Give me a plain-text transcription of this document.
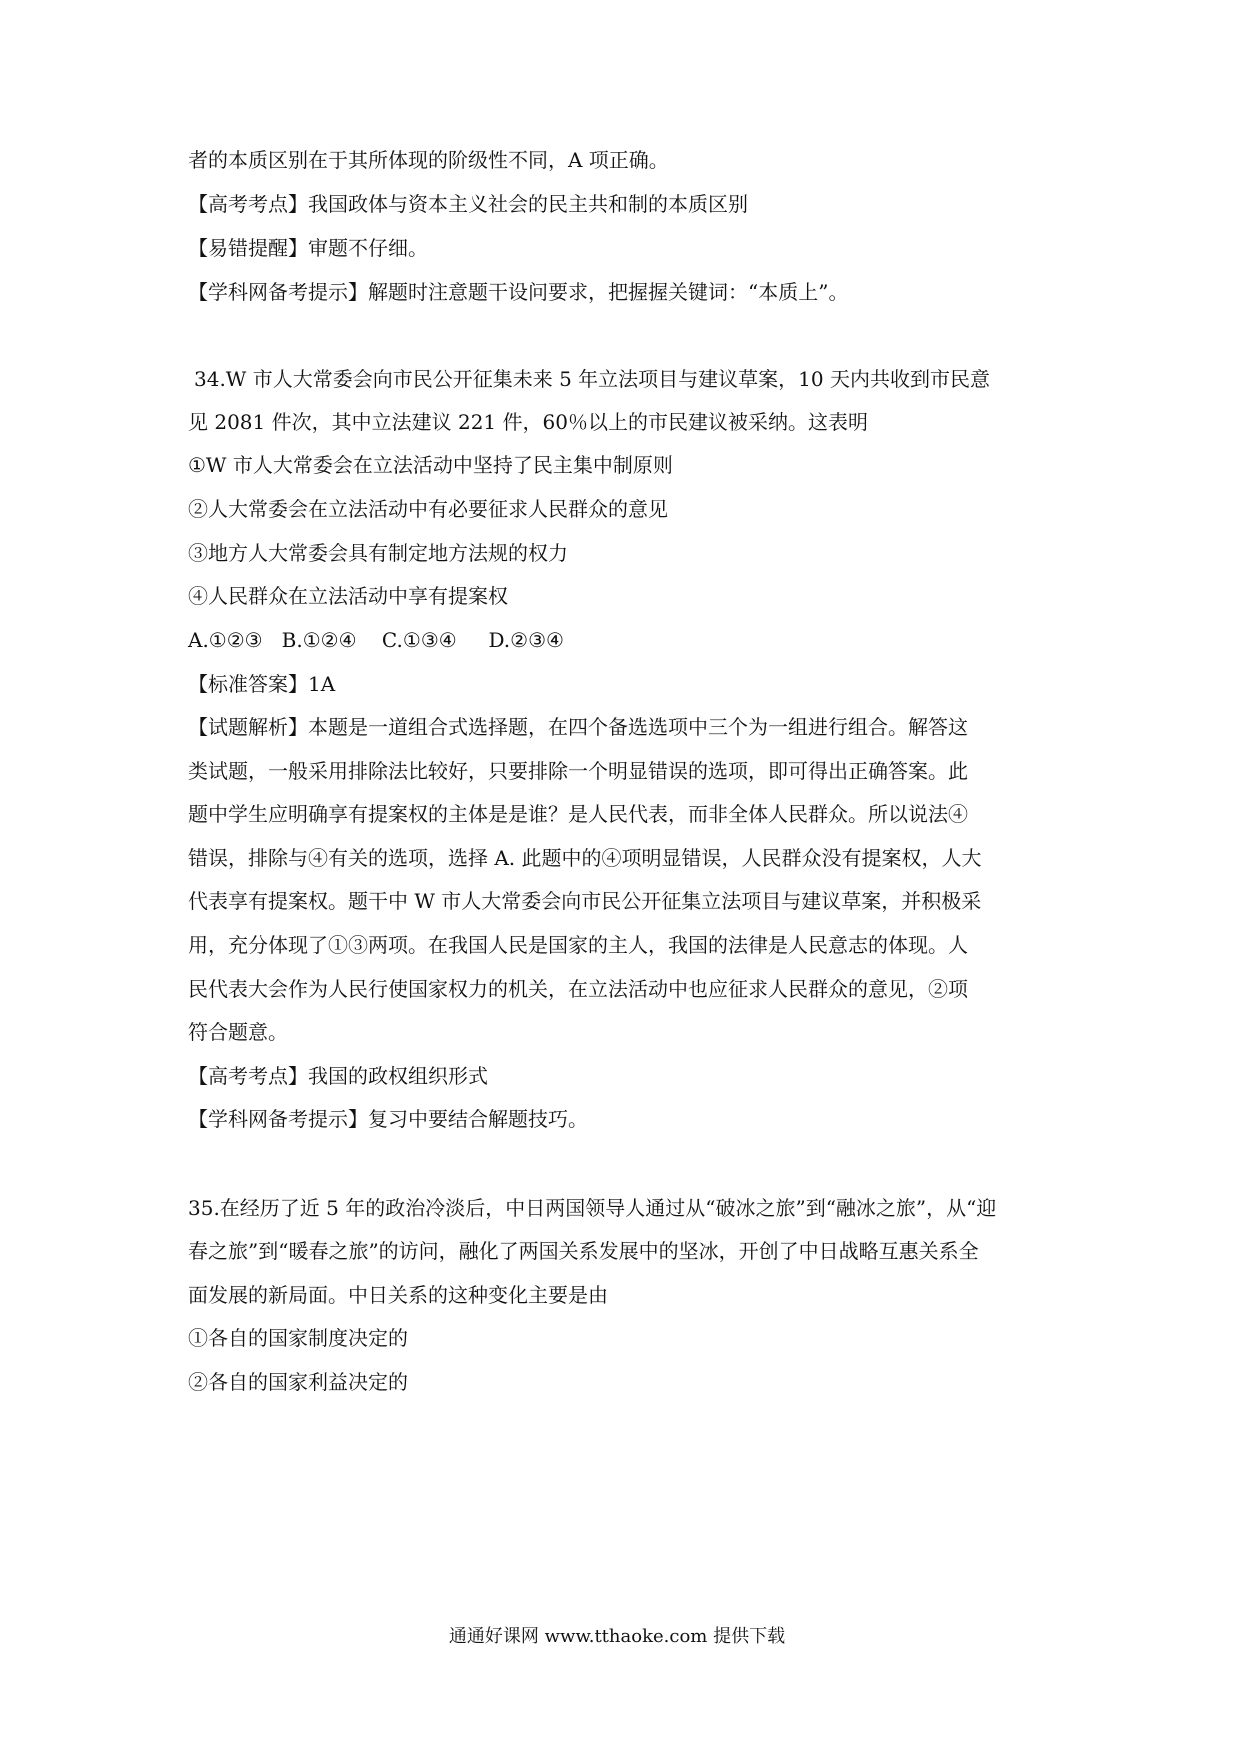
者的本质区别在于其所体现的阶级性不同，A 项正确。
【高考考点】我国政体与资本主义社会的民主共和制的本质区别
【易错提醒】审题不仔细。
【学科网备考提示】解题时注意题干设问要求，把握握关键词：“本质上”。
34.W 市人大常委会向市民公开征集未来 5 年立法项目与建议草案，10 天内共收到市民意
见 2081 件次，其中立法建议 221 件，60％以上的市民建议被采纳。这表明
①W 市人大常委会在立法活动中坚持了民主集中制原则
②人大常委会在立法活动中有必要征求人民群众的意见
③地方人大常委会具有制定地方法规的权力
④人民群众在立法活动中享有提案权
A.①②③   B.①②④    C.①③④     D.②③④
【标准答案】1A
【试题解析】本题是一道组合式选择题，在四个备选选项中三个为一组进行组合。解答这
类试题，一般采用排除法比较好，只要排除一个明显错误的选项，即可得出正确答案。此
题中学生应明确享有提案权的主体是是谁？是人民代表，而非全体人民群众。所以说法④
错误，排除与④有关的选项，选择 A. 此题中的④项明显错误，人民群众没有提案权，人大
代表享有提案权。题干中 W 市人大常委会向市民公开征集立法项目与建议草案，并积极采
用，充分体现了①③两项。在我国人民是国家的主人，我国的法律是人民意志的体现。人
民代表大会作为人民行使国家权力的机关，在立法活动中也应征求人民群众的意见，②项
符合题意。
【高考考点】我国的政权组织形式
【学科网备考提示】复习中要结合解题技巧。
35.在经历了近 5 年的政治冷淡后，中日两国领导人通过从“破冰之旅”到“融冰之旅”，从“迎
春之旅”到“暖春之旅”的访问，融化了两国关系发展中的坚冰，开创了中日战略互惠关系全
面发展的新局面。中日关系的这种变化主要是由
①各自的国家制度决定的
②各自的国家利益决定的
通通好课网 www.tthaoke.com 提供下载
